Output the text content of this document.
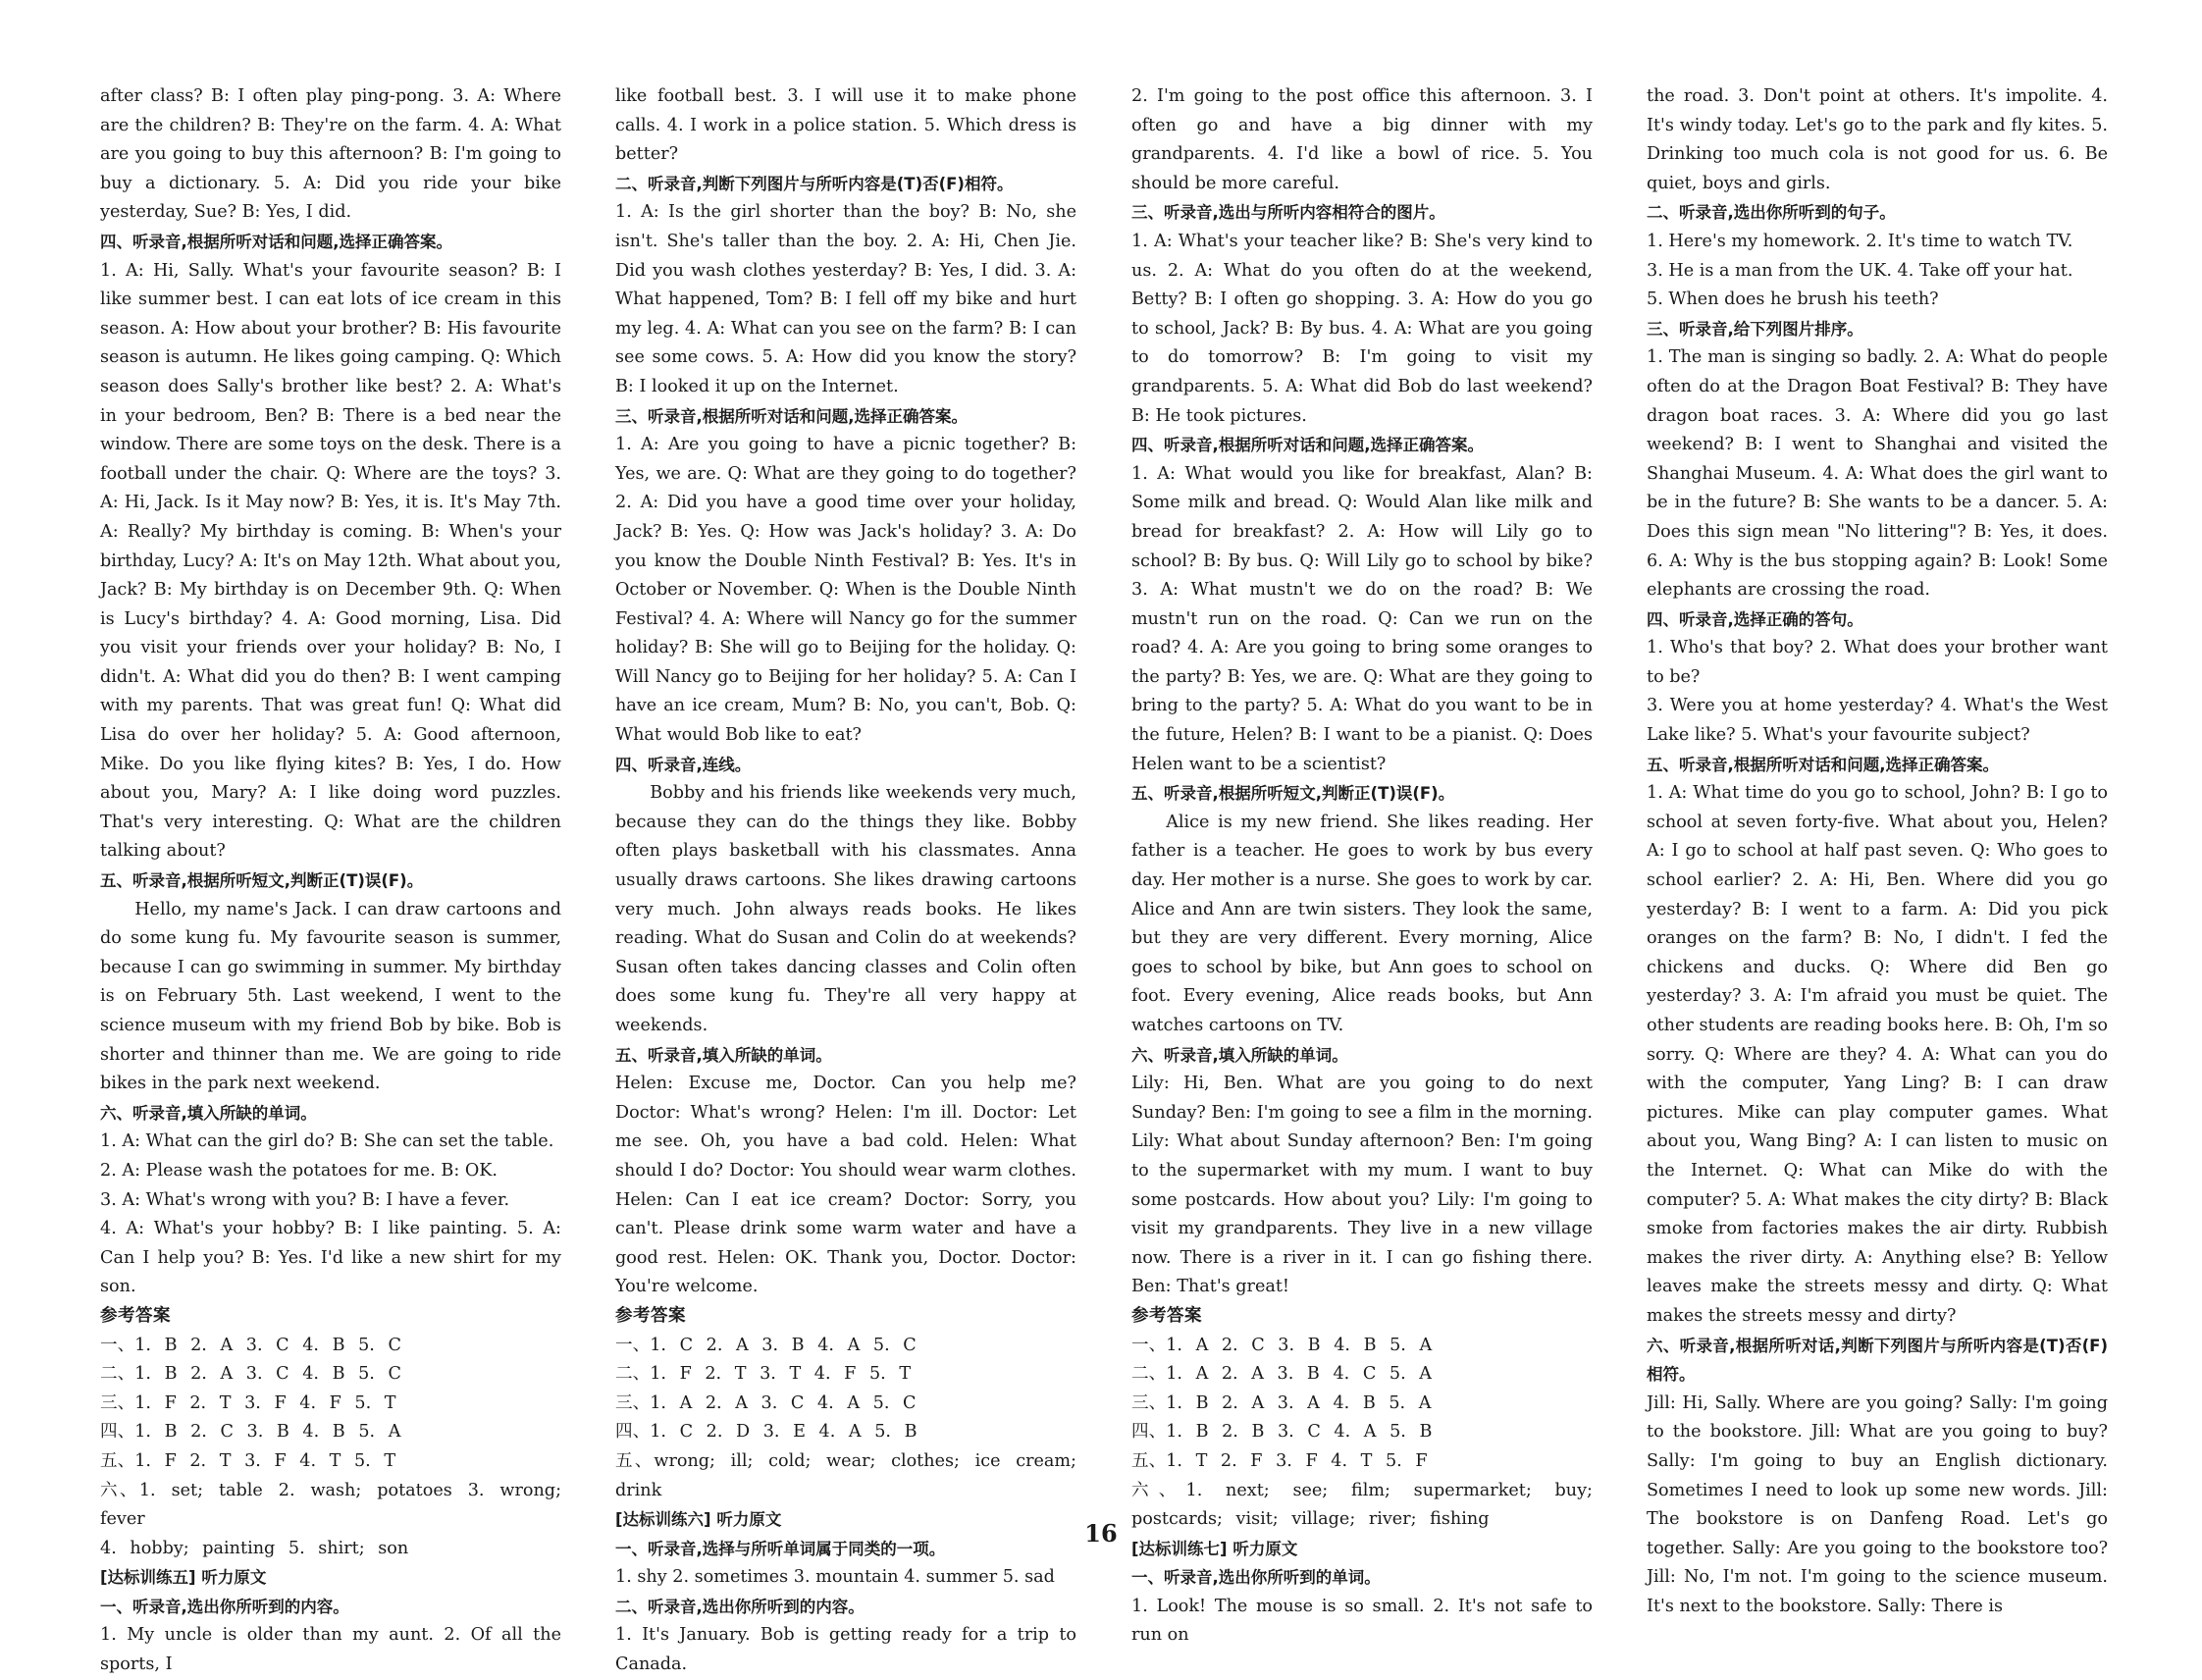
after class? B: I often play ping-pong. 3. A: Where are the children? B: They're on the farm. 4. A: What are you going to buy this afternoon? B: I'm going to buy a dictionary. 5. A: Did you ride your bike yesterday, Sue? B: Yes, I did.

四、听录音,根据所听对话和问题,选择正确答案。

1. A: Hi, Sally. What's your favourite season? B: I like summer best. I can eat lots of ice cream in this season. A: How about your brother? B: His favourite season is autumn. He likes going camping. Q: Which season does Sally's brother like best? 2. A: What's in your bedroom, Ben? B: There is a bed near the window. There are some toys on the desk. There is a football under the chair. Q: Where are the toys? 3. A: Hi, Jack. Is it May now? B: Yes, it is. It's May 7th. A: Really? My birthday is coming. B: When's your birthday, Lucy? A: It's on May 12th. What about you, Jack? B: My birthday is on December 9th. Q: When is Lucy's birthday? 4. A: Good morning, Lisa. Did you visit your friends over your holiday? B: No, I didn't. A: What did you do then? B: I went camping with my parents. That was great fun! Q: What did Lisa do over her holiday? 5. A: Good afternoon, Mike. Do you like flying kites? B: Yes, I do. How about you, Mary? A: I like doing word puzzles. That's very interesting. Q: What are the children talking about?

五、听录音,根据所听短文,判断正(T)误(F)。

Hello, my name's Jack. I can draw cartoons and do some kung fu. My favourite season is summer, because I can go swimming in summer. My birthday is on February 5th. Last weekend, I went to the science museum with my friend Bob by bike. Bob is shorter and thinner than me. We are going to ride bikes in the park next weekend.

六、听录音,填入所缺的单词。

1. A: What can the girl do? B: She can set the table.

2. A: Please wash the potatoes for me. B: OK.

3. A: What's wrong with you? B: I have a fever.

4. A: What's your hobby? B: I like painting. 5. A: Can I help you? B: Yes. I'd like a new shirt for my son.

参考答案

一、1. B 2. A 3. C 4. B 5. C

二、1. B 2. A 3. C 4. B 5. C

三、1. F 2. T 3. F 4. F 5. T

四、1. B 2. C 3. B 4. B 5. A

五、1. F 2. T 3. F 4. T 5. T

六、1. set; table 2. wash; potatoes 3. wrong; fever

4. hobby; painting 5. shirt; son

[达标训练五] 听力原文

一、听录音,选出你所听到的内容。

1. My uncle is older than my aunt. 2. Of all the sports, I

like football best. 3. I will use it to make phone calls. 4. I work in a police station. 5. Which dress is better?

二、听录音,判断下列图片与所听内容是(T)否(F)相符。

1. A: Is the girl shorter than the boy? B: No, she isn't. She's taller than the boy. 2. A: Hi, Chen Jie. Did you wash clothes yesterday? B: Yes, I did. 3. A: What happened, Tom? B: I fell off my bike and hurt my leg. 4. A: What can you see on the farm? B: I can see some cows. 5. A: How did you know the story? B: I looked it up on the Internet.

三、听录音,根据所听对话和问题,选择正确答案。

1. A: Are you going to have a picnic together? B: Yes, we are. Q: What are they going to do together? 2. A: Did you have a good time over your holiday, Jack? B: Yes. Q: How was Jack's holiday? 3. A: Do you know the Double Ninth Festival? B: Yes. It's in October or November. Q: When is the Double Ninth Festival? 4. A: Where will Nancy go for the summer holiday? B: She will go to Beijing for the holiday. Q: Will Nancy go to Beijing for her holiday? 5. A: Can I have an ice cream, Mum? B: No, you can't, Bob. Q: What would Bob like to eat?

四、听录音,连线。

Bobby and his friends like weekends very much, because they can do the things they like. Bobby often plays basketball with his classmates. Anna usually draws cartoons. She likes drawing cartoons very much. John always reads books. He likes reading. What do Susan and Colin do at weekends? Susan often takes dancing classes and Colin often does some kung fu. They're all very happy at weekends.

五、听录音,填入所缺的单词。

Helen: Excuse me, Doctor. Can you help me? Doctor: What's wrong? Helen: I'm ill. Doctor: Let me see. Oh, you have a bad cold. Helen: What should I do? Doctor: You should wear warm clothes. Helen: Can I eat ice cream? Doctor: Sorry, you can't. Please drink some warm water and have a good rest. Helen: OK. Thank you, Doctor. Doctor: You're welcome.

参考答案

一、1. C 2. A 3. B 4. A 5. C

二、1. F 2. T 3. T 4. F 5. T

三、1. A 2. A 3. C 4. A 5. C

四、1. C 2. D 3. E 4. A 5. B

五、wrong; ill; cold; wear; clothes; ice cream; drink

[达标训练六] 听力原文

一、听录音,选择与所听单词属于同类的一项。

1. shy 2. sometimes 3. mountain 4. summer 5. sad

二、听录音,选出你所听到的内容。

1. It's January. Bob is getting ready for a trip to Canada.

2. I'm going to the post office this afternoon. 3. I often go and have a big dinner with my grandparents. 4. I'd like a bowl of rice. 5. You should be more careful.

三、听录音,选出与所听内容相符合的图片。

1. A: What's your teacher like? B: She's very kind to us. 2. A: What do you often do at the weekend, Betty? B: I often go shopping. 3. A: How do you go to school, Jack? B: By bus. 4. A: What are you going to do tomorrow? B: I'm going to visit my grandparents. 5. A: What did Bob do last weekend? B: He took pictures.

四、听录音,根据所听对话和问题,选择正确答案。

1. A: What would you like for breakfast, Alan? B: Some milk and bread. Q: Would Alan like milk and bread for breakfast? 2. A: How will Lily go to school? B: By bus. Q: Will Lily go to school by bike? 3. A: What mustn't we do on the road? B: We mustn't run on the road. Q: Can we run on the road? 4. A: Are you going to bring some oranges to the party? B: Yes, we are. Q: What are they going to bring to the party? 5. A: What do you want to be in the future, Helen? B: I want to be a pianist. Q: Does Helen want to be a scientist?

五、听录音,根据所听短文,判断正(T)误(F)。

Alice is my new friend. She likes reading. Her father is a teacher. He goes to work by bus every day. Her mother is a nurse. She goes to work by car. Alice and Ann are twin sisters. They look the same, but they are very different. Every morning, Alice goes to school by bike, but Ann goes to school on foot. Every evening, Alice reads books, but Ann watches cartoons on TV.

六、听录音,填入所缺的单词。

Lily: Hi, Ben. What are you going to do next Sunday? Ben: I'm going to see a film in the morning. Lily: What about Sunday afternoon? Ben: I'm going to the supermarket with my mum. I want to buy some postcards. How about you? Lily: I'm going to visit my grandparents. They live in a new village now. There is a river in it. I can go fishing there. Ben: That's great!

参考答案

一、1. A 2. C 3. B 4. B 5. A

二、1. A 2. A 3. B 4. C 5. A

三、1. B 2. A 3. A 4. B 5. A

四、1. B 2. B 3. C 4. A 5. B

五、1. T 2. F 3. F 4. T 5. F

六、1. next; see; film; supermarket; buy; postcards; visit; village; river; fishing

[达标训练七] 听力原文

一、听录音,选出你所听到的单词。

1. Look! The mouse is so small. 2. It's not safe to run on

the road. 3. Don't point at others. It's impolite. 4. It's windy today. Let's go to the park and fly kites. 5. Drinking too much cola is not good for us. 6. Be quiet, boys and girls.

二、听录音,选出你所听到的句子。

1. Here's my homework. 2. It's time to watch TV.

3. He is a man from the UK. 4. Take off your hat.

5. When does he brush his teeth?

三、听录音,给下列图片排序。

1. The man is singing so badly. 2. A: What do people often do at the Dragon Boat Festival? B: They have dragon boat races. 3. A: Where did you go last weekend? B: I went to Shanghai and visited the Shanghai Museum. 4. A: What does the girl want to be in the future? B: She wants to be a dancer. 5. A: Does this sign mean "No littering"? B: Yes, it does. 6. A: Why is the bus stopping again? B: Look! Some elephants are crossing the road.

四、听录音,选择正确的答句。

1. Who's that boy? 2. What does your brother want to be?

3. Were you at home yesterday? 4. What's the West Lake like? 5. What's your favourite subject?

五、听录音,根据所听对话和问题,选择正确答案。

1. A: What time do you go to school, John? B: I go to school at seven forty-five. What about you, Helen? A: I go to school at half past seven. Q: Who goes to school earlier? 2. A: Hi, Ben. Where did you go yesterday? B: I went to a farm. A: Did you pick oranges on the farm? B: No, I didn't. I fed the chickens and ducks. Q: Where did Ben go yesterday? 3. A: I'm afraid you must be quiet. The other students are reading books here. B: Oh, I'm so sorry. Q: Where are they? 4. A: What can you do with the computer, Yang Ling? B: I can draw pictures. Mike can play computer games. What about you, Wang Bing? A: I can listen to music on the Internet. Q: What can Mike do with the computer? 5. A: What makes the city dirty? B: Black smoke from factories makes the air dirty. Rubbish makes the river dirty. A: Anything else? B: Yellow leaves make the streets messy and dirty. Q: What makes the streets messy and dirty?

六、听录音,根据所听对话,判断下列图片与所听内容是(T)否(F)相符。

Jill: Hi, Sally. Where are you going? Sally: I'm going to the bookstore. Jill: What are you going to buy? Sally: I'm going to buy an English dictionary. Sometimes I need to look up some new words. Jill: The bookstore is on Danfeng Road. Let's go together. Sally: Are you going to the bookstore too? Jill: No, I'm not. I'm going to the science museum. It's next to the bookstore. Sally: There is

16
